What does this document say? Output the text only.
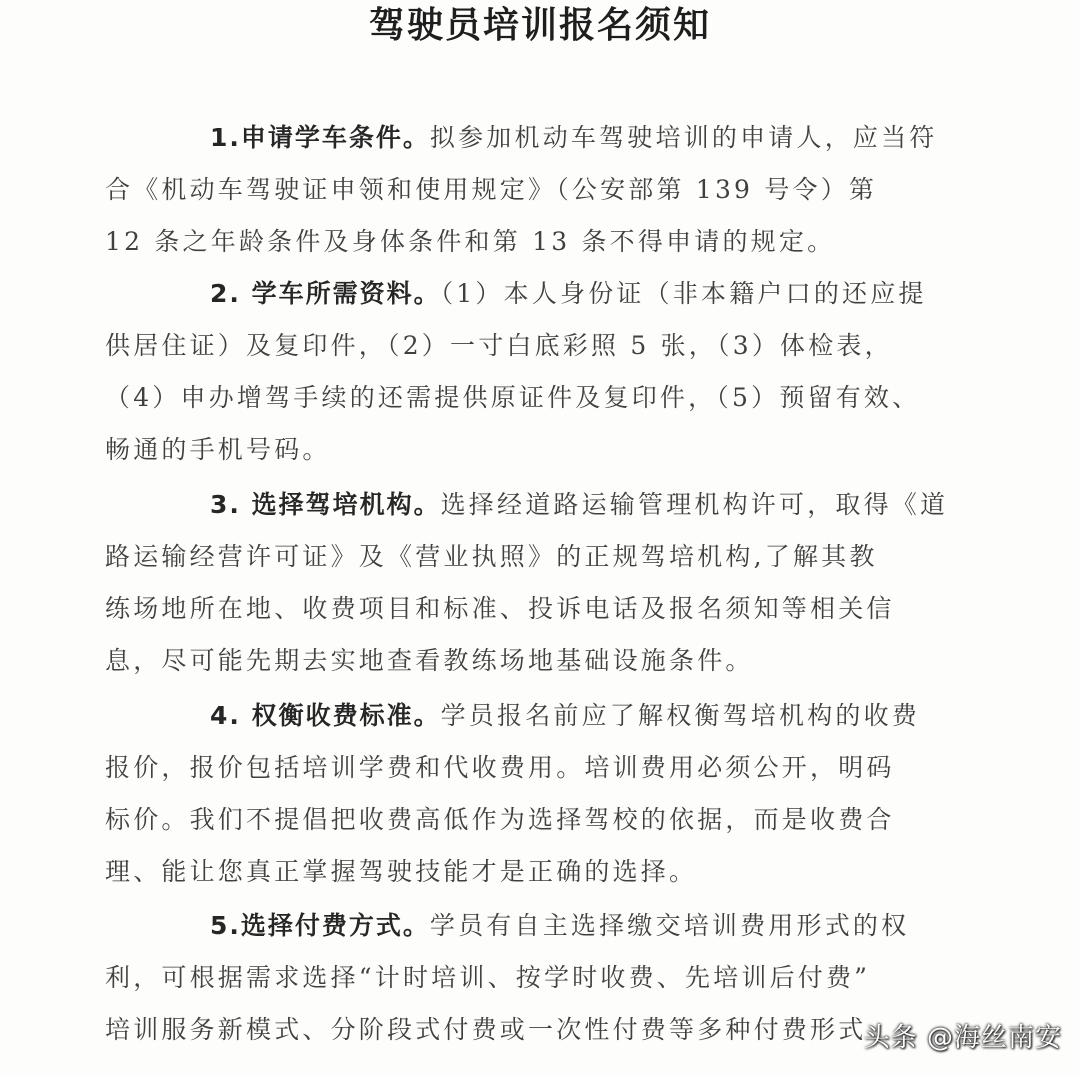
驾驶员培训报名须知
1.申请学车条件。拟参加机动车驾驶培训的申请人，应当符
合《机动车驾驶证申领和使用规定》（公安部第 139 号令）第
12 条之年龄条件及身体条件和第 13 条不得申请的规定。
2. 学车所需资料。（1）本人身份证（非本籍户口的还应提
供居住证）及复印件，（2）一寸白底彩照 5 张，（3）体检表，
（4）申办增驾手续的还需提供原证件及复印件，（5）预留有效、
畅通的手机号码。
3. 选择驾培机构。选择经道路运输管理机构许可，取得《道
路运输经营许可证》及《营业执照》的正规驾培机构,了解其教
练场地所在地、收费项目和标准、投诉电话及报名须知等相关信
息，尽可能先期去实地查看教练场地基础设施条件。
4. 权衡收费标准。学员报名前应了解权衡驾培机构的收费
报价，报价包括培训学费和代收费用。培训费用必须公开，明码
标价。我们不提倡把收费高低作为选择驾校的依据，而是收费合
理、能让您真正掌握驾驶技能才是正确的选择。
5.选择付费方式。学员有自主选择缴交培训费用形式的权
利，可根据需求选择“计时培训、按学时收费、先培训后付费”
培训服务新模式、分阶段式付费或一次性付费等多种付费形式
头条 @海丝南安
